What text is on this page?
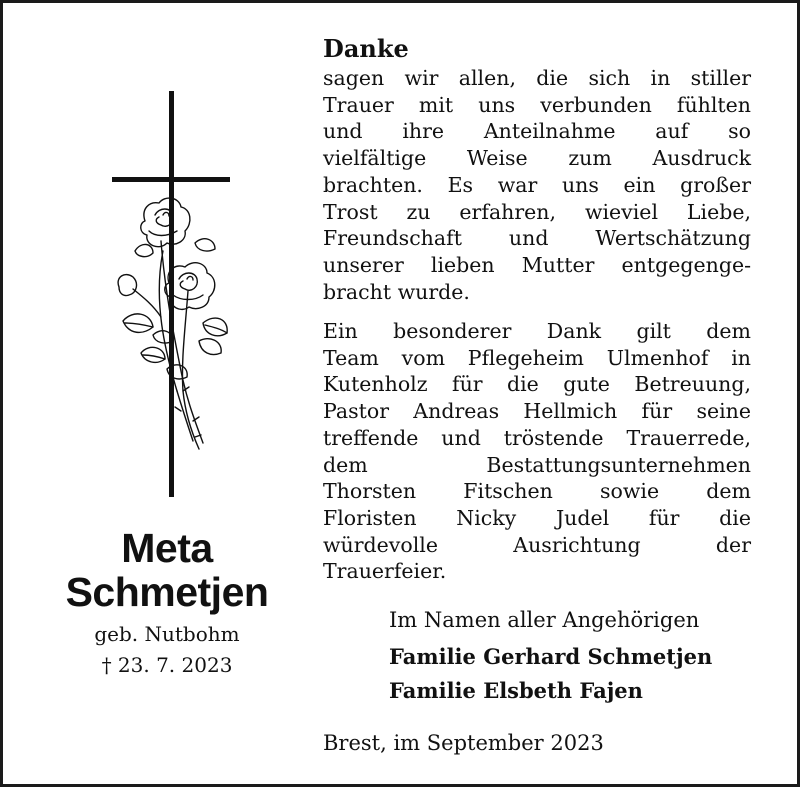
Meta
Schmetjen
geb. Nutbohm
† 23. 7. 2023
Danke
sagen wir allen, die sich in stiller
Trauer mit uns verbunden fühlten
und ihre Anteilnahme auf so
vielfältige Weise zum Ausdruck
brachten. Es war uns ein großer
Trost zu erfahren, wieviel Liebe,
Freundschaft und Wertschätzung
unserer lieben Mutter entgegenge-
bracht wurde.
Ein besonderer Dank gilt dem
Team vom Pflegeheim Ulmenhof in
Kutenholz für die gute Betreuung,
Pastor Andreas Hellmich für seine
treffende und tröstende Trauerrede,
dem Bestattungsunternehmen
Thorsten Fitschen sowie dem
Floristen Nicky Judel für die
würdevolle Ausrichtung der
Trauerfeier.
Im Namen aller Angehörigen
Familie Gerhard Schmetjen
Familie Elsbeth Fajen
Brest, im September 2023
